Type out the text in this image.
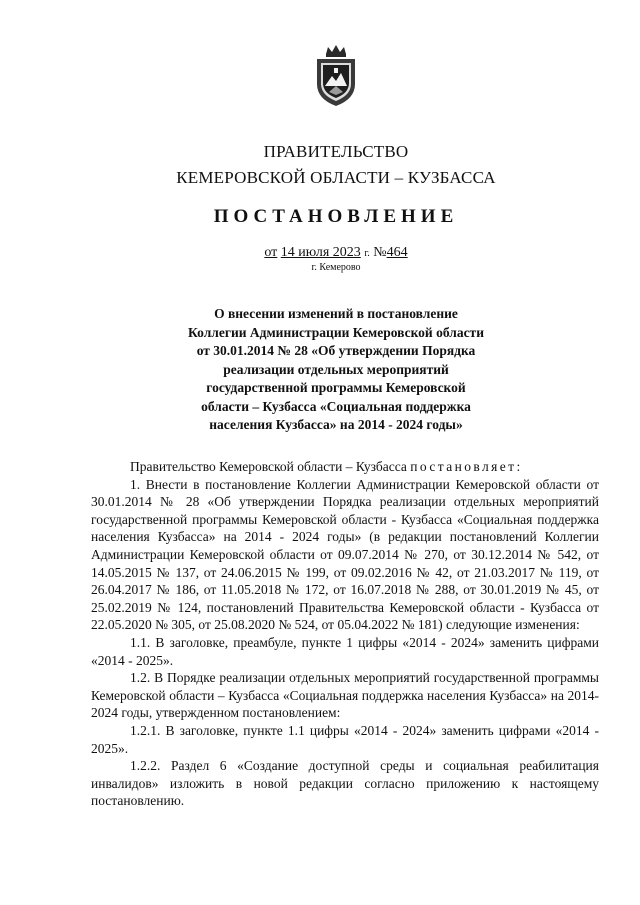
ПРАВИТЕЛЬСТВО
КЕМЕРОВСКОЙ ОБЛАСТИ – КУЗБАССА
ПОСТАНОВЛЕНИЕ
от 14 июля 2023 г. №464
г. Кемерово
О внесении изменений в постановление
Коллегии Администрации Кемеровской области
от 30.01.2014 № 28 «Об утверждении Порядка
реализации отдельных мероприятий
государственной программы Кемеровской
области – Кузбасса «Социальная поддержка
населения Кузбасса» на 2014 - 2024 годы»

Правительство Кемеровской области – Кузбасса постановляет:

1. Внести в постановление Коллегии Администрации Кемеровской области от 30.01.2014 № 28 «Об утверждении Порядка реализации отдельных мероприятий государственной программы Кемеровской области - Кузбасса «Социальная поддержка населения Кузбасса» на 2014 - 2024 годы» (в редакции постановлений Коллегии Администрации Кемеровской области от 09.07.2014 № 270, от 30.12.2014 № 542, от 14.05.2015 № 137, от 24.06.2015 № 199, от 09.02.2016 № 42, от 21.03.2017 № 119, от 26.04.2017 № 186, от 11.05.2018 № 172, от 16.07.2018 № 288, от 30.01.2019 № 45, от 25.02.2019 № 124, постановлений Правительства Кемеровской области - Кузбасса от 22.05.2020 № 305, от 25.08.2020 № 524, от 05.04.2022 № 181) следующие изменения:

1.1. В заголовке, преамбуле, пункте 1 цифры «2014 - 2024» заменить цифрами «2014 - 2025».

1.2. В Порядке реализации отдельных мероприятий государственной программы Кемеровской области – Кузбасса «Социальная поддержка населения Кузбасса» на 2014-2024 годы, утвержденном постановлением:

1.2.1. В заголовке, пункте 1.1 цифры «2014 - 2024» заменить цифрами «2014 - 2025».

1.2.2. Раздел 6 «Создание доступной среды и социальная реабилитация инвалидов» изложить в новой редакции согласно приложению к настоящему постановлению.
